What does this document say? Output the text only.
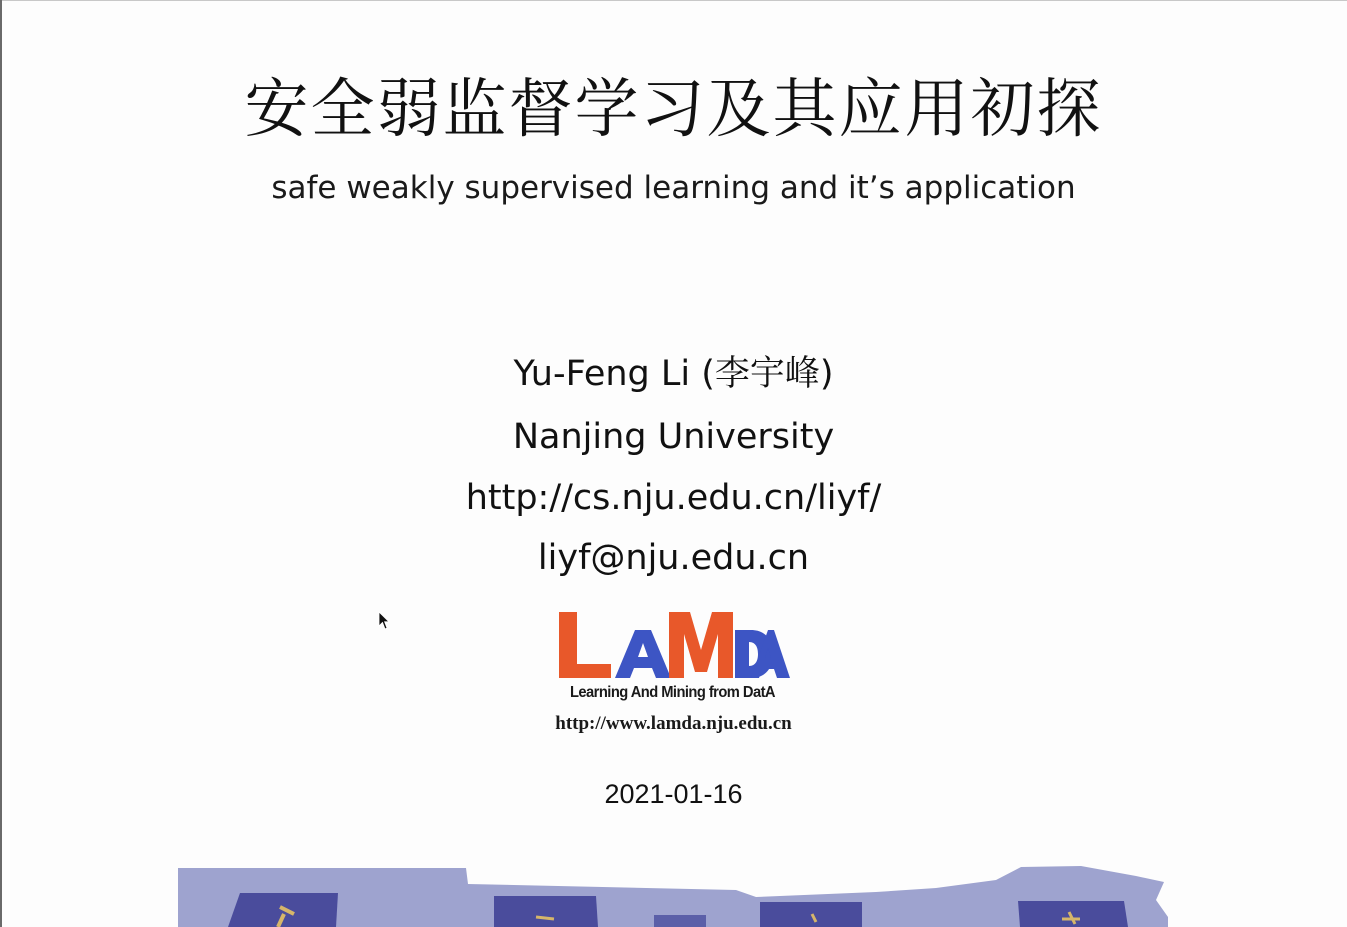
安全弱监督学习及其应用初探
safe weakly supervised learning and it’s application
Yu-Feng Li (李宇峰)
Nanjing University
http://cs.nju.edu.cn/liyf/
liyf@nju.edu.cn
Learning And Mining from DatA
http://www.lamda.nju.edu.cn
2021-01-16
